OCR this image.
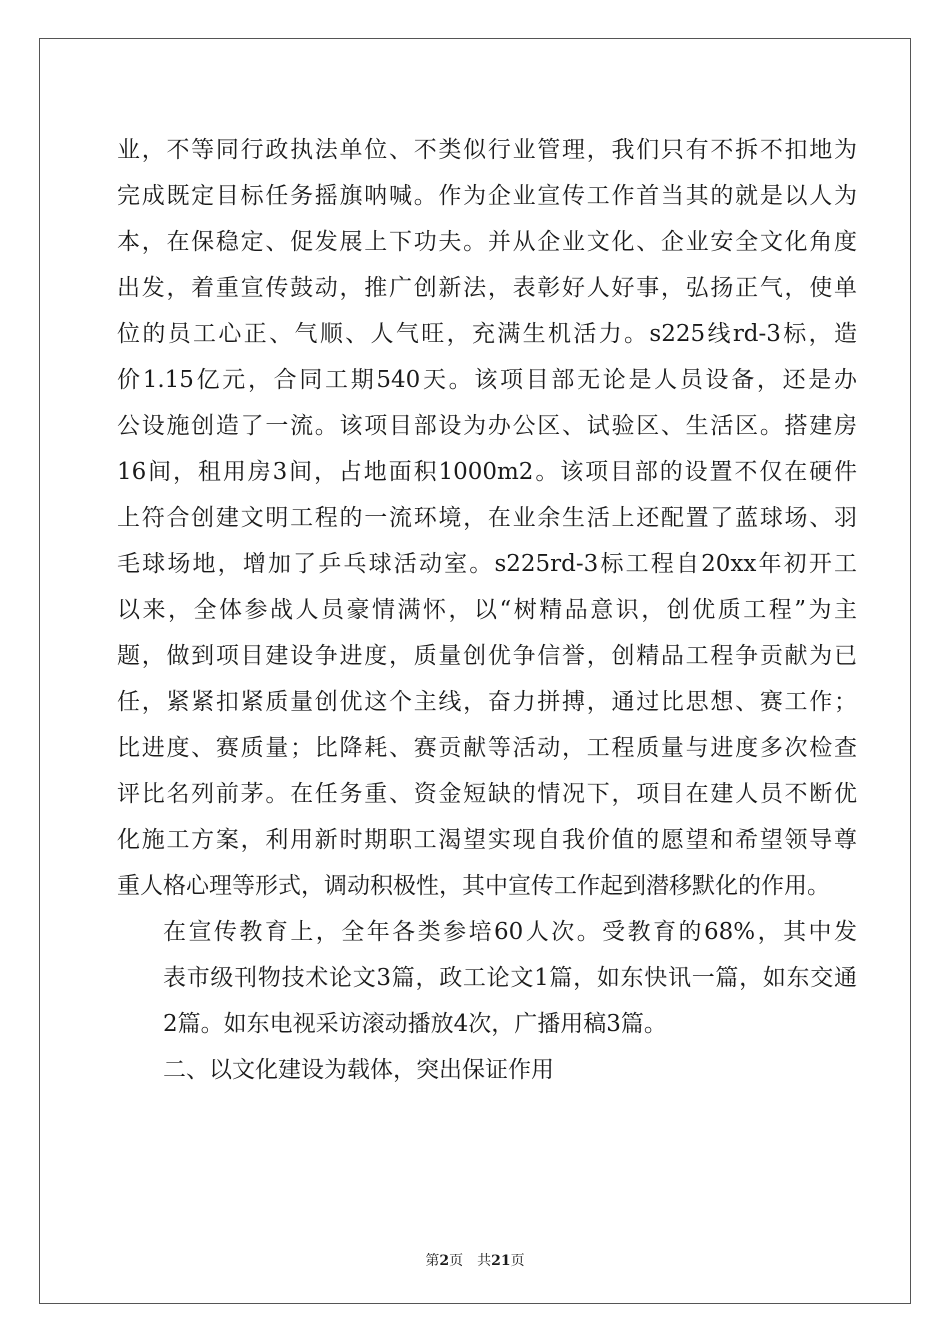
业，不等同行政执法单位、不类似行业管理，我们只有不拆不扣地为
完成既定目标任务摇旗呐喊。作为企业宣传工作首当其的就是以人为
本，在保稳定、促发展上下功夫。并从企业文化、企业安全文化角度
出发，着重宣传鼓动，推广创新法，表彰好人好事，弘扬正气，使单
位的员工心正、气顺、人气旺，充满生机活力。s225线rd-3标，造
价1.15亿元，合同工期540天。该项目部无论是人员设备，还是办
公设施创造了一流。该项目部设为办公区、试验区、生活区。搭建房
16间，租用房3间，占地面积1000m2。该项目部的设置不仅在硬件
上符合创建文明工程的一流环境，在业余生活上还配置了蓝球场、羽
毛球场地，增加了乒乓球活动室。s225rd-3标工程自20xx年初开工
以来，全体参战人员豪情满怀，以“树精品意识，创优质工程”为主
题，做到项目建设争进度，质量创优争信誉，创精品工程争贡献为已
任，紧紧扣紧质量创优这个主线，奋力拼搏，通过比思想、赛工作；
比进度、赛质量；比降耗、赛贡献等活动，工程质量与进度多次检查
评比名列前茅。在任务重、资金短缺的情况下，项目在建人员不断优
化施工方案，利用新时期职工渴望实现自我价值的愿望和希望领导尊
重人格心理等形式，调动积极性，其中宣传工作起到潜移默化的作用。

在宣传教育上，全年各类参培60人次。受教育的68%，其中发
表市级刊物技术论文3篇，政工论文1篇，如东快讯一篇，如东交通
2篇。如东电视采访滚动播放4次，广播用稿3篇。

二、以文化建设为载体，突出保证作用

第2页 共21页
